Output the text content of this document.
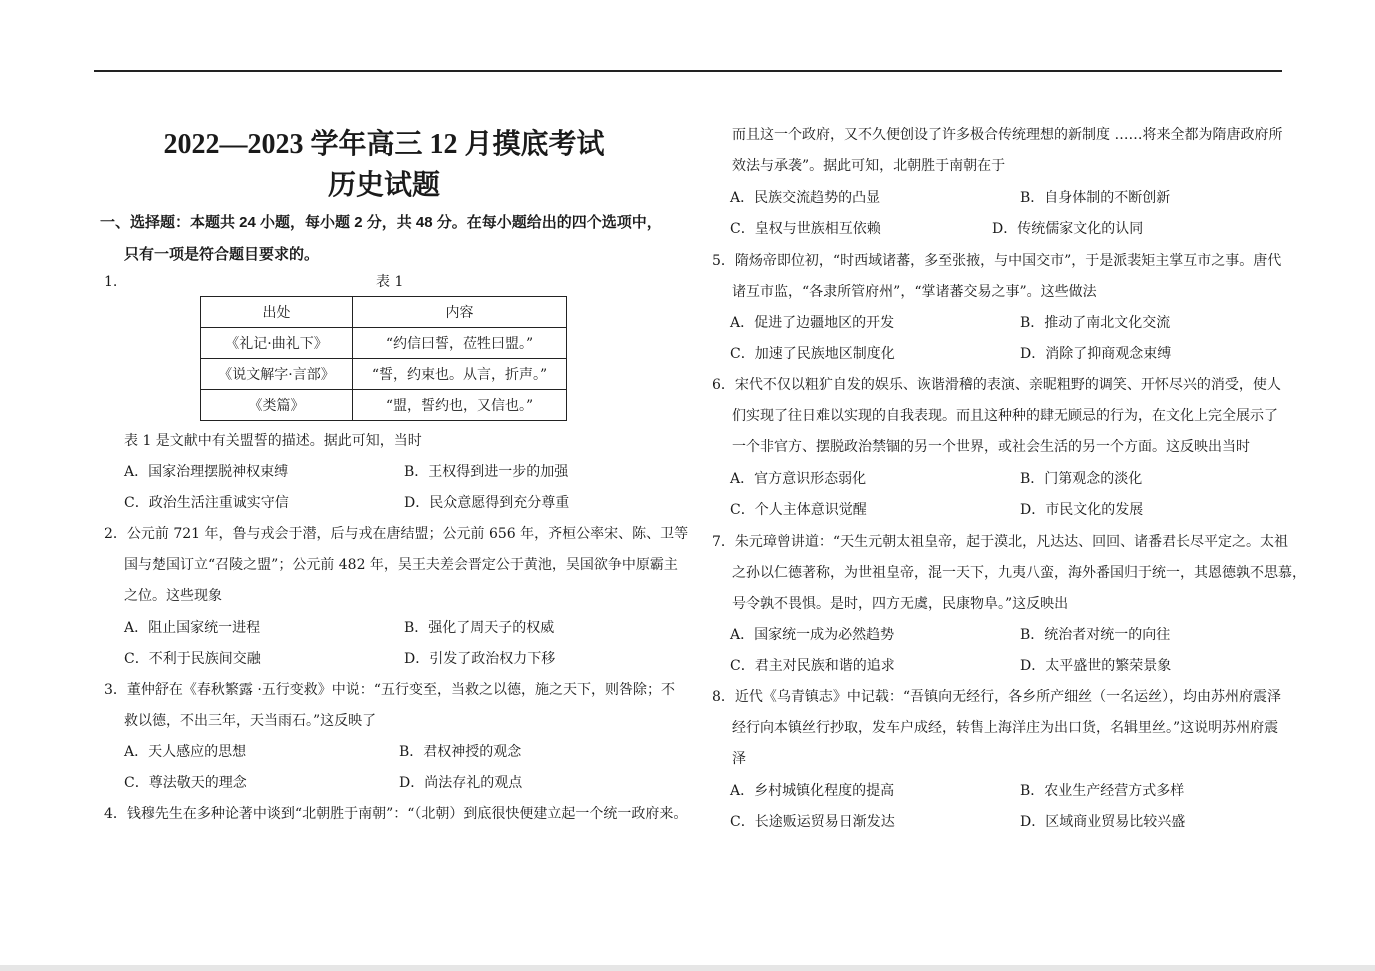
2022—2023 学年高三 12 月摸底考试
历史试题
一、选择题：本题共 24 小题，每小题 2 分，共 48 分。在每小题给出的四个选项中，
只有一项是符合题目要求的。
1.	表 1
出处	内容
《礼记·曲礼下》	“约信曰誓，莅牲曰盟。”
《说文解字·言部》	“誓，约束也。从言，折声。”
《类篇》	“盟，誓约也，又信也。”
表 1 是文献中有关盟誓的描述。据此可知，当时
A．国家治理摆脱神权束缚	B．王权得到进一步的加强
C．政治生活注重诚实守信	D．民众意愿得到充分尊重
2．公元前 721 年，鲁与戎会于潜，后与戎在唐结盟；公元前 656 年，齐桓公率宋、陈、卫等
国与楚国订立“召陵之盟”；公元前 482 年，吴王夫差会晋定公于黄池，吴国欲争中原霸主
之位。这些现象
A．阻止国家统一进程	B．强化了周天子的权威
C．不利于民族间交融	D．引发了政治权力下移
3．董仲舒在《春秋繁露 ·五行变救》中说：“五行变至，当救之以德，施之天下，则咎除；不
救以德，不出三年，天当雨石。”这反映了
A．天人感应的思想	B．君权神授的观念
C．尊法敬天的理念	D．尚法存礼的观点
4．钱穆先生在多种论著中谈到“北朝胜于南朝”：“（北朝）到底很快便建立起一个统一政府来。
而且这一个政府，又不久便创设了许多极合传统理想的新制度 ……将来全都为隋唐政府所
效法与承袭”。据此可知，北朝胜于南朝在于
A．民族交流趋势的凸显	B．自身体制的不断创新
C．皇权与世族相互依赖	D．传统儒家文化的认同
5．隋炀帝即位初，“时西域诸蕃，多至张掖，与中国交市”，于是派裴矩主掌互市之事。唐代
诸互市监，“各隶所管府州”，“掌诸蕃交易之事”。这些做法
A．促进了边疆地区的开发	B．推动了南北文化交流
C．加速了民族地区制度化	D．消除了抑商观念束缚
6．宋代不仅以粗犷自发的娱乐、诙谐滑稽的表演、亲昵粗野的调笑、开怀尽兴的消受，使人
们实现了往日难以实现的自我表现。而且这种种的肆无顾忌的行为，在文化上完全展示了
一个非官方、摆脱政治禁锢的另一个世界，或社会生活的另一个方面。这反映出当时
A．官方意识形态弱化	B．门第观念的淡化
C．个人主体意识觉醒	D．市民文化的发展
7．朱元璋曾讲道：“天生元朝太祖皇帝，起于漠北，凡达达、回回、诸番君长尽平定之。太祖
之孙以仁德著称，为世祖皇帝，混一天下，九夷八蛮，海外番国归于统一，其恩德孰不思慕，
号令孰不畏惧。是时，四方无虞，民康物阜。”这反映出
A．国家统一成为必然趋势	B．统治者对统一的向往
C．君主对民族和谐的追求	D．太平盛世的繁荣景象
8．近代《乌青镇志》中记载：“吾镇向无经行，各乡所产细丝（一名运丝），均由苏州府震泽
经行向本镇丝行抄取，发车户成经，转售上海洋庄为出口货，名辑里丝。”这说明苏州府震
泽
A．乡村城镇化程度的提高	B．农业生产经营方式多样
C．长途贩运贸易日渐发达	D．区域商业贸易比较兴盛
